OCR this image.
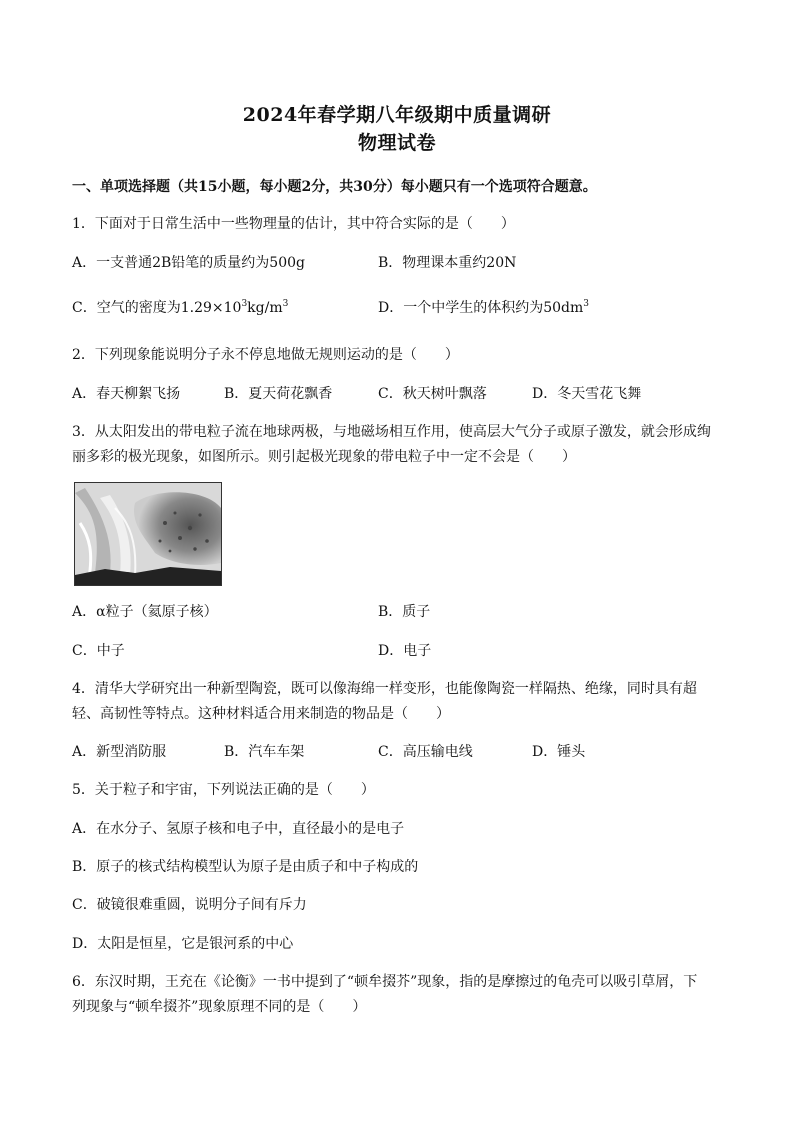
2024年春学期八年级期中质量调研
物理试卷
一、单项选择题（共15小题，每小题2分，共30分）每小题只有一个选项符合题意。
1．下面对于日常生活中一些物理量的估计，其中符合实际的是（　　）
A．一支普通2B铅笔的质量约为500g	B．物理课本重约20N
C．空气的密度为$1.29\times 10^3kg/m^3$	D．一个中学生的体积约为$50dm^3$
2．下列现象能说明分子永不停息地做无规则运动的是（　　）
A．春天柳絮飞扬	B．夏天荷花飘香	C．秋天树叶飘落	D．冬天雪花飞舞
3．从太阳发出的带电粒子流在地球两极，与地磁场相互作用，使高层大气分子或原子激发，就会形成绚
丽多彩的极光现象，如图所示。则引起极光现象的带电粒子中一定不会是（　　）
A．α粒子（氦原子核）	B．质子
C．中子	D．电子
4．清华大学研究出一种新型陶瓷，既可以像海绵一样变形，也能像陶瓷一样隔热、绝缘，同时具有超
轻、高韧性等特点。这种材料适合用来制造的物品是（　　）
A．新型消防服	B．汽车车架	C．高压输电线	D．锤头
5．关于粒子和宇宙，下列说法正确的是（　　）
A．在水分子、氢原子核和电子中，直径最小的是电子
B．原子的核式结构模型认为原子是由质子和中子构成的
C．破镜很难重圆，说明分子间有斥力
D．太阳是恒星，它是银河系的中心
6．东汉时期，王充在《论衡》一书中提到了“顿牟掇芥”现象，指的是摩擦过的龟壳可以吸引草屑，下
列现象与“顿牟掇芥”现象原理不同的是（　　）
